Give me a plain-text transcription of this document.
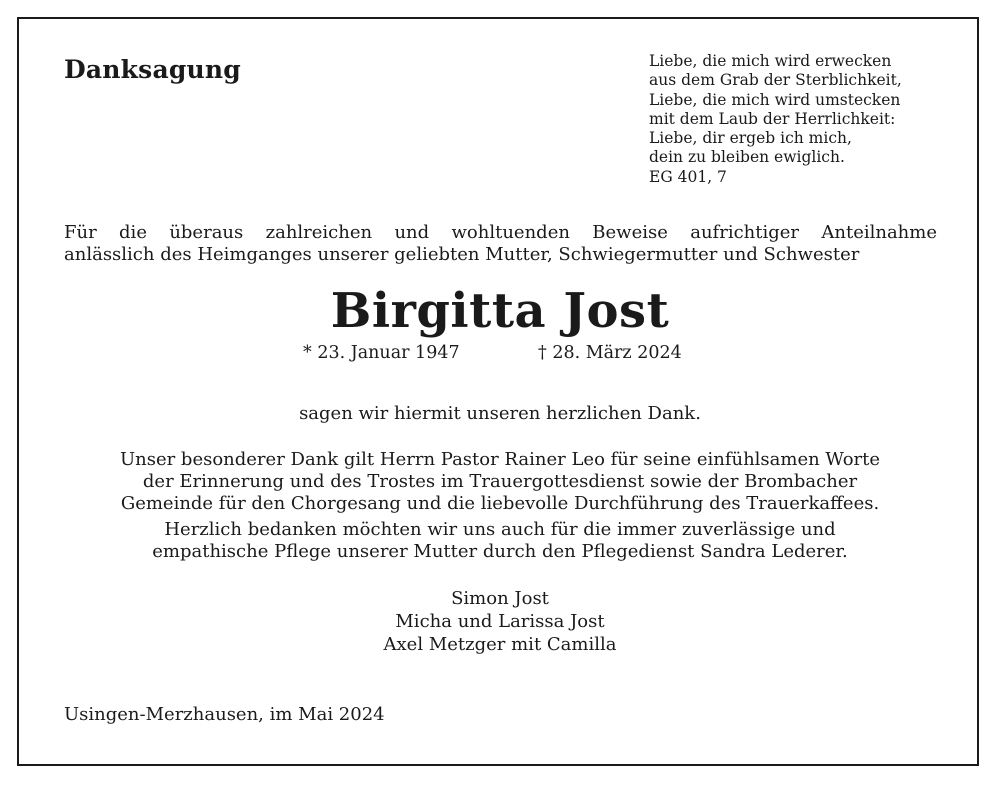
Danksagung	Liebe, die mich wird erwecken
aus dem Grab der Sterblichkeit,
Liebe, die mich wird umstecken
mit dem Laub der Herrlichkeit:
Liebe, dir ergeb ich mich,
dein zu bleiben ewiglich.
EG 401, 7
Für die überaus zahlreichen und wohltuenden Beweise aufrichtiger Anteilnahme
anlässlich des Heimganges unserer geliebten Mutter, Schwiegermutter und Schwester
Birgitta Jost
* 23. Januar 1947	† 28. März 2024
sagen wir hiermit unseren herzlichen Dank.
Unser besonderer Dank gilt Herrn Pastor Rainer Leo für seine einfühlsamen Worte
der Erinnerung und des Trostes im Trauergottesdienst sowie der Brombacher
Gemeinde für den Chorgesang und die liebevolle Durchführung des Trauerkaffees.
Herzlich bedanken möchten wir uns auch für die immer zuverlässige und
empathische Pflege unserer Mutter durch den Pflegedienst Sandra Lederer.
Simon Jost
Micha und Larissa Jost
Axel Metzger mit Camilla
Usingen-Merzhausen, im Mai 2024
